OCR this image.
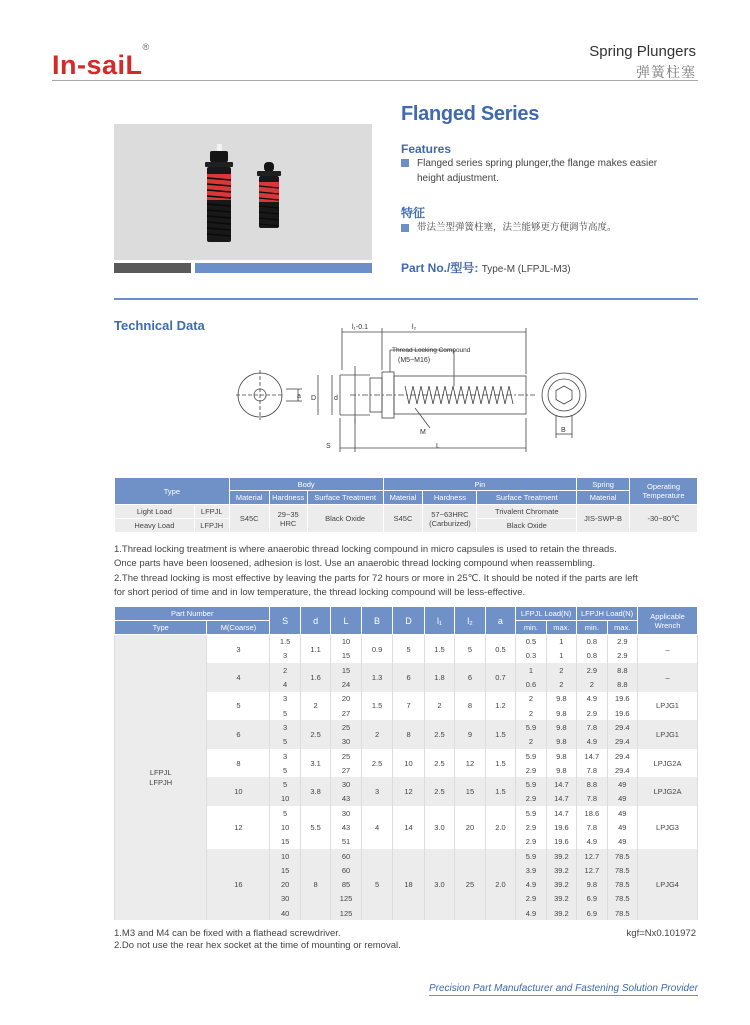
In-saiL®	Spring Plungers
弹簧柱塞
Flanged Series
Features
Flanged series spring plunger,the flange makes easier
height adjustment.
特征
带法兰型弹簧柱塞，法兰能够更方便调节高度。
Part No./型号: Type-M (LFPJL-M3)
Technical Data	l₁-0.1	l₂
Thread Locking Compound
(M5~M16)
a D	d
M
S	L
B
Type		Body			Pin			Spring	Operating Temperature
		Material	Hardness	Surface Treatment	Material	Hardness	Surface Treatment	Material	
Light Load	LFPJL	S45C	29~35 HRC	Black Oxide	S45C	57~63HRC (Carburized)	Trivalent Chromate	JIS-SWP-B	-30~80℃
Heavy Load	LFPJH						Black Oxide		
1.Thread locking treatment is where anaerobic thread locking compound in micro capsules is used to retain the threads.
Once parts have been loosened, adhesion is lost. Use an anaerobic thread locking compound when reassembling.
2.The thread locking is most effective by leaving the parts for 72 hours or more in 25℃. It should be noted if the parts are left
for short period of time and in low temperature, the thread locking compound will be less-effective.
Part Number		S	d	L	B	D	l₁	l₂	a	LFPJL Load(N)		LFPJH Load(N)		Applicable Wrench
Type	M(Coarse)									min.	max.	min.	max.	
LFPJL LFPJH	3	1.5	1.1	10	0.9	5	1.5	5	0.5	0.5	1	0.8	2.9	–
		3		15						0.3	1	0.8	2.9	
	4	2	1.6	15	1.3	6	1.8	6	0.7	1	2	2.9	8.8	–
		4		24						0.6	2	2	8.8	
	5	3	2	20	1.5	7	2	8	1.2	2	9.8	4.9	19.6	LPJG1
		5		27						2	9.8	2.9	19.6	
	6	3	2.5	25	2	8	2.5	9	1.5	5.9	9.8	7.8	29.4	LPJG1
		5		30						2	9.8	4.9	29.4	
	8	3	3.1	25	2.5	10	2.5	12	1.5	5.9	9.8	14.7	29.4	LPJG2A
		5		27						2.9	9.8	7.8	29.4	
	10	5	3.8	30	3	12	2.5	15	1.5	5.9	14.7	8.8	49	LPJG2A
		10		43						2.9	14.7	7.8	49	
	12	5	5.5	30	4	14	3.0	20	2.0	5.9	14.7	18.6	49	LPJG3
		10		43						2.9	19.6	7.8	49	
		15		51						2.9	19.6	4.9	49	
	16	10	8	60	5	18	3.0	25	2.0	5.9	39.2	12.7	78.5	LPJG4
		15		60						3.9	39.2	12.7	78.5	
		20		85						4.9	39.2	9.8	78.5	
		30		125						2.9	39.2	6.9	78.5	
		40		125						4.9	39.2	6.9	78.5	
1.M3 and M4 can be fixed with a flathead screwdriver.
2.Do not use the rear hex socket at the time of mounting or removal.
kgf=Nx0.101972
Precision Part Manufacturer and Fastening Solution Provider
